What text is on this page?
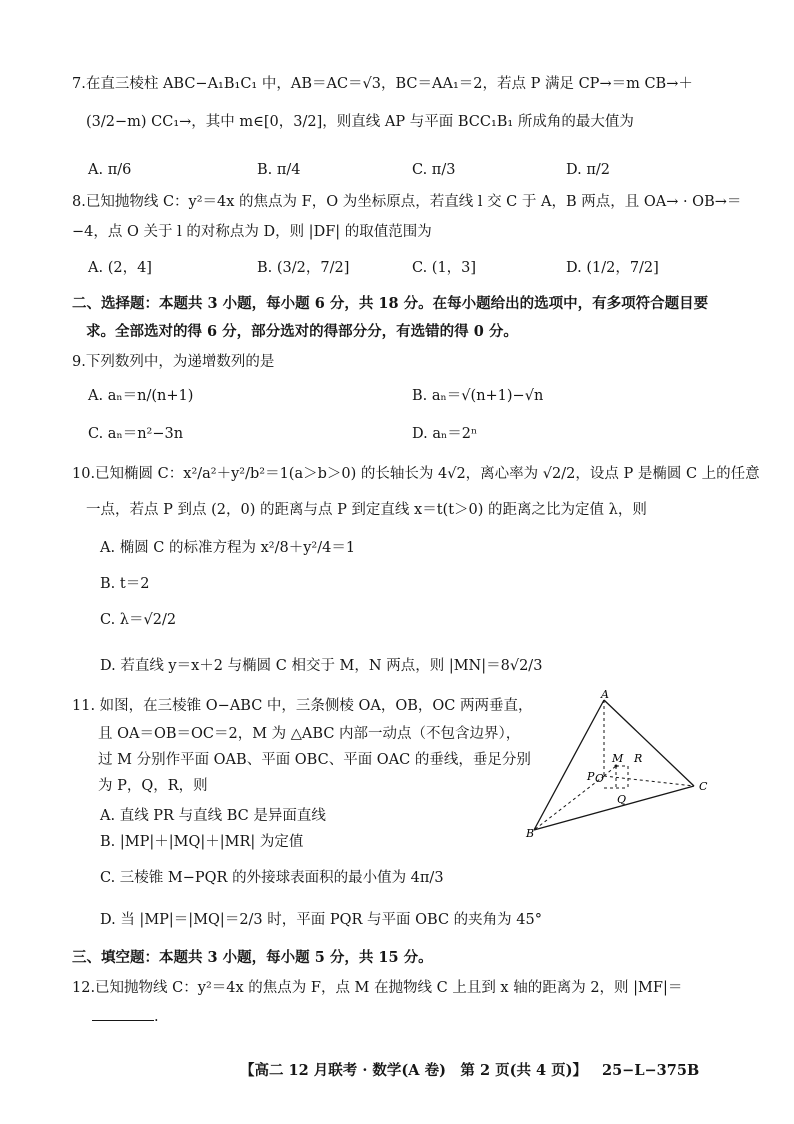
7.在直三棱柱 ABC−A₁B₁C₁ 中，AB＝AC＝√3，BC＝AA₁＝2，若点 P 满足 CP→＝m CB→＋
(3/2−m) CC₁→，其中 m∈[0，3/2]，则直线 AP 与平面 BCC₁B₁ 所成角的最大值为
A. π/6	B. π/4	C. π/3	D. π/2
8.已知抛物线 C：y²＝4x 的焦点为 F，O 为坐标原点，若直线 l 交 C 于 A，B 两点，且 OA→ · OB→＝
−4，点 O 关于 l 的对称点为 D，则 |DF| 的取值范围为
A. (2，4]	B. (3/2，7/2]	C. (1，3]	D. (1/2，7/2]
二、选择题：本题共 3 小题，每小题 6 分，共 18 分。在每小题给出的选项中，有多项符合题目要
求。全部选对的得 6 分，部分选对的得部分分，有选错的得 0 分。
9.下列数列中，为递增数列的是
A. aₙ＝n/(n+1)	B. aₙ＝√(n+1)−√n
C. aₙ＝n²−3n	D. aₙ＝2ⁿ
10.已知椭圆 C：x²/a²＋y²/b²＝1(a＞b＞0) 的长轴长为 4√2，离心率为 √2/2，设点 P 是椭圆 C 上的任意
一点，若点 P 到点 (2，0) 的距离与点 P 到定直线 x＝t(t＞0) 的距离之比为定值 λ，则
A. 椭圆 C 的标准方程为 x²/8＋y²/4＝1
B. t＝2
C. λ＝√2/2
D. 若直线 y＝x＋2 与椭圆 C 相交于 M，N 两点，则 |MN|＝8√2/3
11. 如图，在三棱锥 O−ABC 中，三条侧棱 OA，OB，OC 两两垂直，
且 OA＝OB＝OC＝2，M 为 △ABC 内部一动点（不包含边界），
过 M 分别作平面 OAB、平面 OBC、平面 OAC 的垂线，垂足分别
为 P，Q，R，则
A. 直线 PR 与直线 BC 是异面直线
B. |MP|＋|MQ|＋|MR| 为定值
C. 三棱锥 M−PQR 的外接球表面积的最小值为 4π/3
D. 当 |MP|＝|MQ|＝2/3 时，平面 PQR 与平面 OBC 的夹角为 45°
A
B
C
O
M R
P
Q
三、填空题：本题共 3 小题，每小题 5 分，共 15 分。
12.已知抛物线 C：y²＝4x 的焦点为 F，点 M 在抛物线 C 上且到 x 轴的距离为 2，则 |MF|＝
.
【高二 12 月联考 · 数学(A 卷)　第 2 页(共 4 页)】 25−L−375B
